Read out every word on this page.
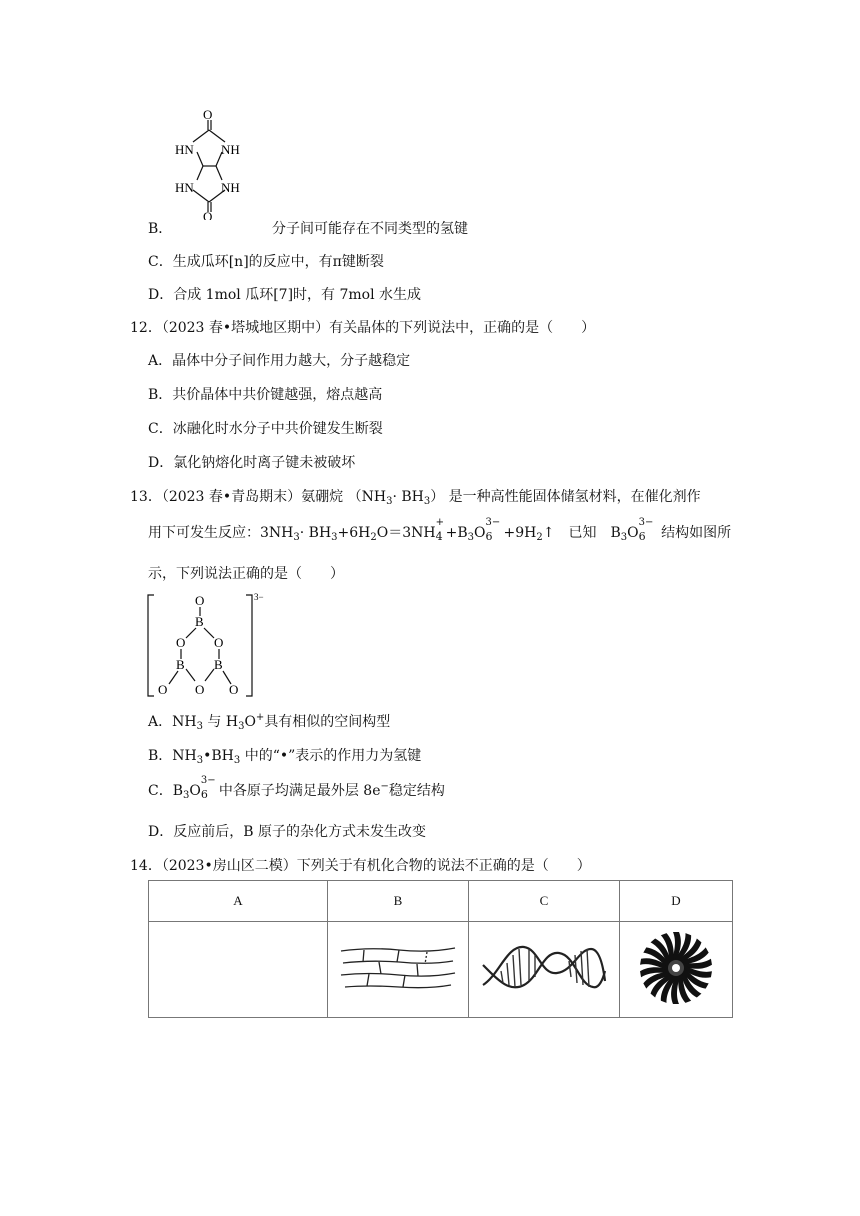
O
HN NH
HN NH
O
B．	分子间可能存在不同类型的氢键
C．生成瓜环[n]的反应中，有π键断裂
D．合成 1mol 瓜环[7]时，有 7mol 水生成
12．（2023 春•塔城地区期中）有关晶体的下列说法中，正确的是（　　）
A．晶体中分子间作用力越大，分子越稳定
B．共价晶体中共价键越强，熔点越高
C．冰融化时水分子中共价键发生断裂
D．氯化钠熔化时离子键未被破坏
13．（2023 春•青岛期末）氨硼烷 $(NH_3\cdot BH_3)$ 是一种高性能固体储氢材料，在催化剂作
用下可发生反应：$3NH_3\cdot BH_3+6H_2O=3NH$
+
$4 +B_3O$
3−
$6 +9H_2↑$　已知　$B_3O$
3−
6 结构如图所
示，下列说法正确的是（　　）
O
B
O O
B B
O O O
3−
A．$NH_3$ 与 $H_3O^+$具有相似的空间构型
B．$NH_3•BH_3$ 中的“•”表示的作用力为氢键
C．$B_3O$
3−
6 中各原子均满足最外层 8e−稳定结构
D．反应前后，B 原子的杂化方式未发生改变
14．（2023•房山区二模）下列关于有机化合物的说法不正确的是（　　）
A	B	C	D
